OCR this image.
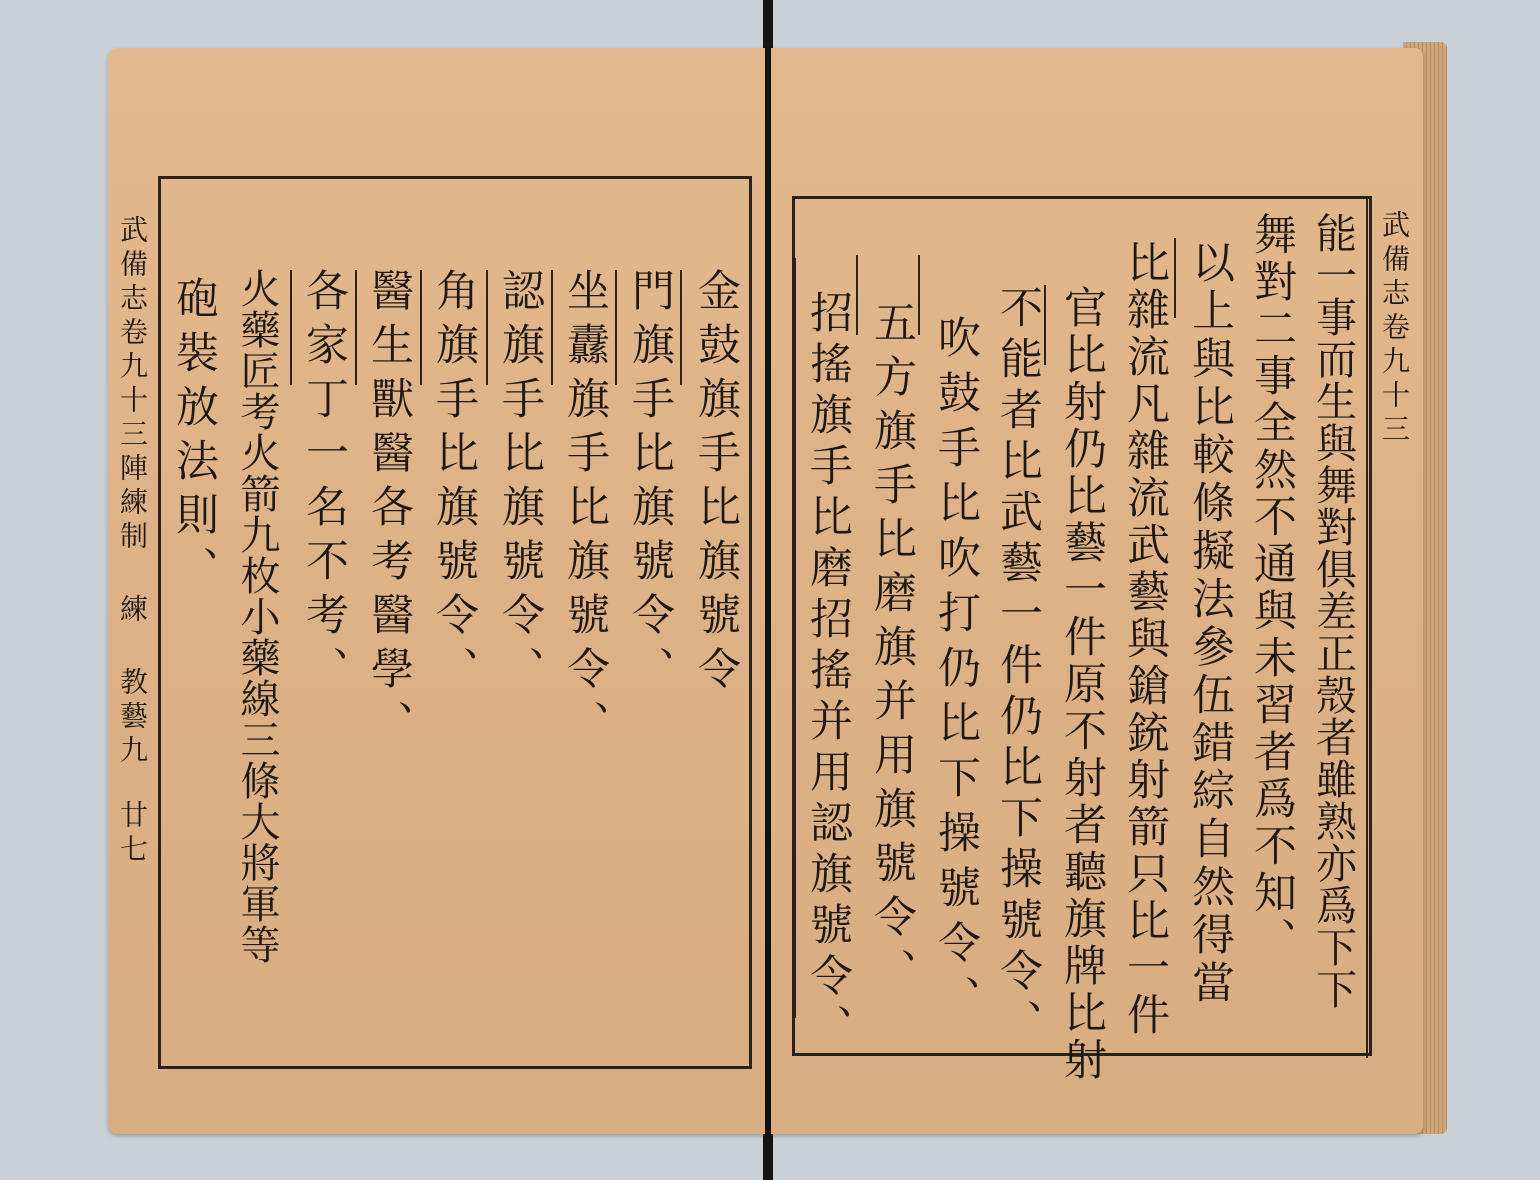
武備志卷九十三陣練制 練 教藝九
廿七
金鼓旗手比旗號令
門旗手比旗號令、
坐纛旗手比旗號令、
認旗手比旗號令、
角旗手比旗號令、
醫生獸醫各考醫學、
各家丁一名不考、
火藥匠考火箭九枚小藥線三條大將軍等
砲裝放法則、	武備志卷九十三
能一事而生與舞對俱差正殼者雖熟亦爲下下
舞對二事全然不通與未習者爲不知、
以上與比較條擬法參伍錯綜自然得當
比雜流凡雜流武藝與鎗銃射箭只比一件
官比射仍比藝一件原不射者聽旗牌比射
不能者比武藝一件仍比下操號令、
吹鼓手比吹打仍比下操號令、
五方旗手比磨旗并用旗號令、
招搖旗手比磨招搖并用認旗號令、
